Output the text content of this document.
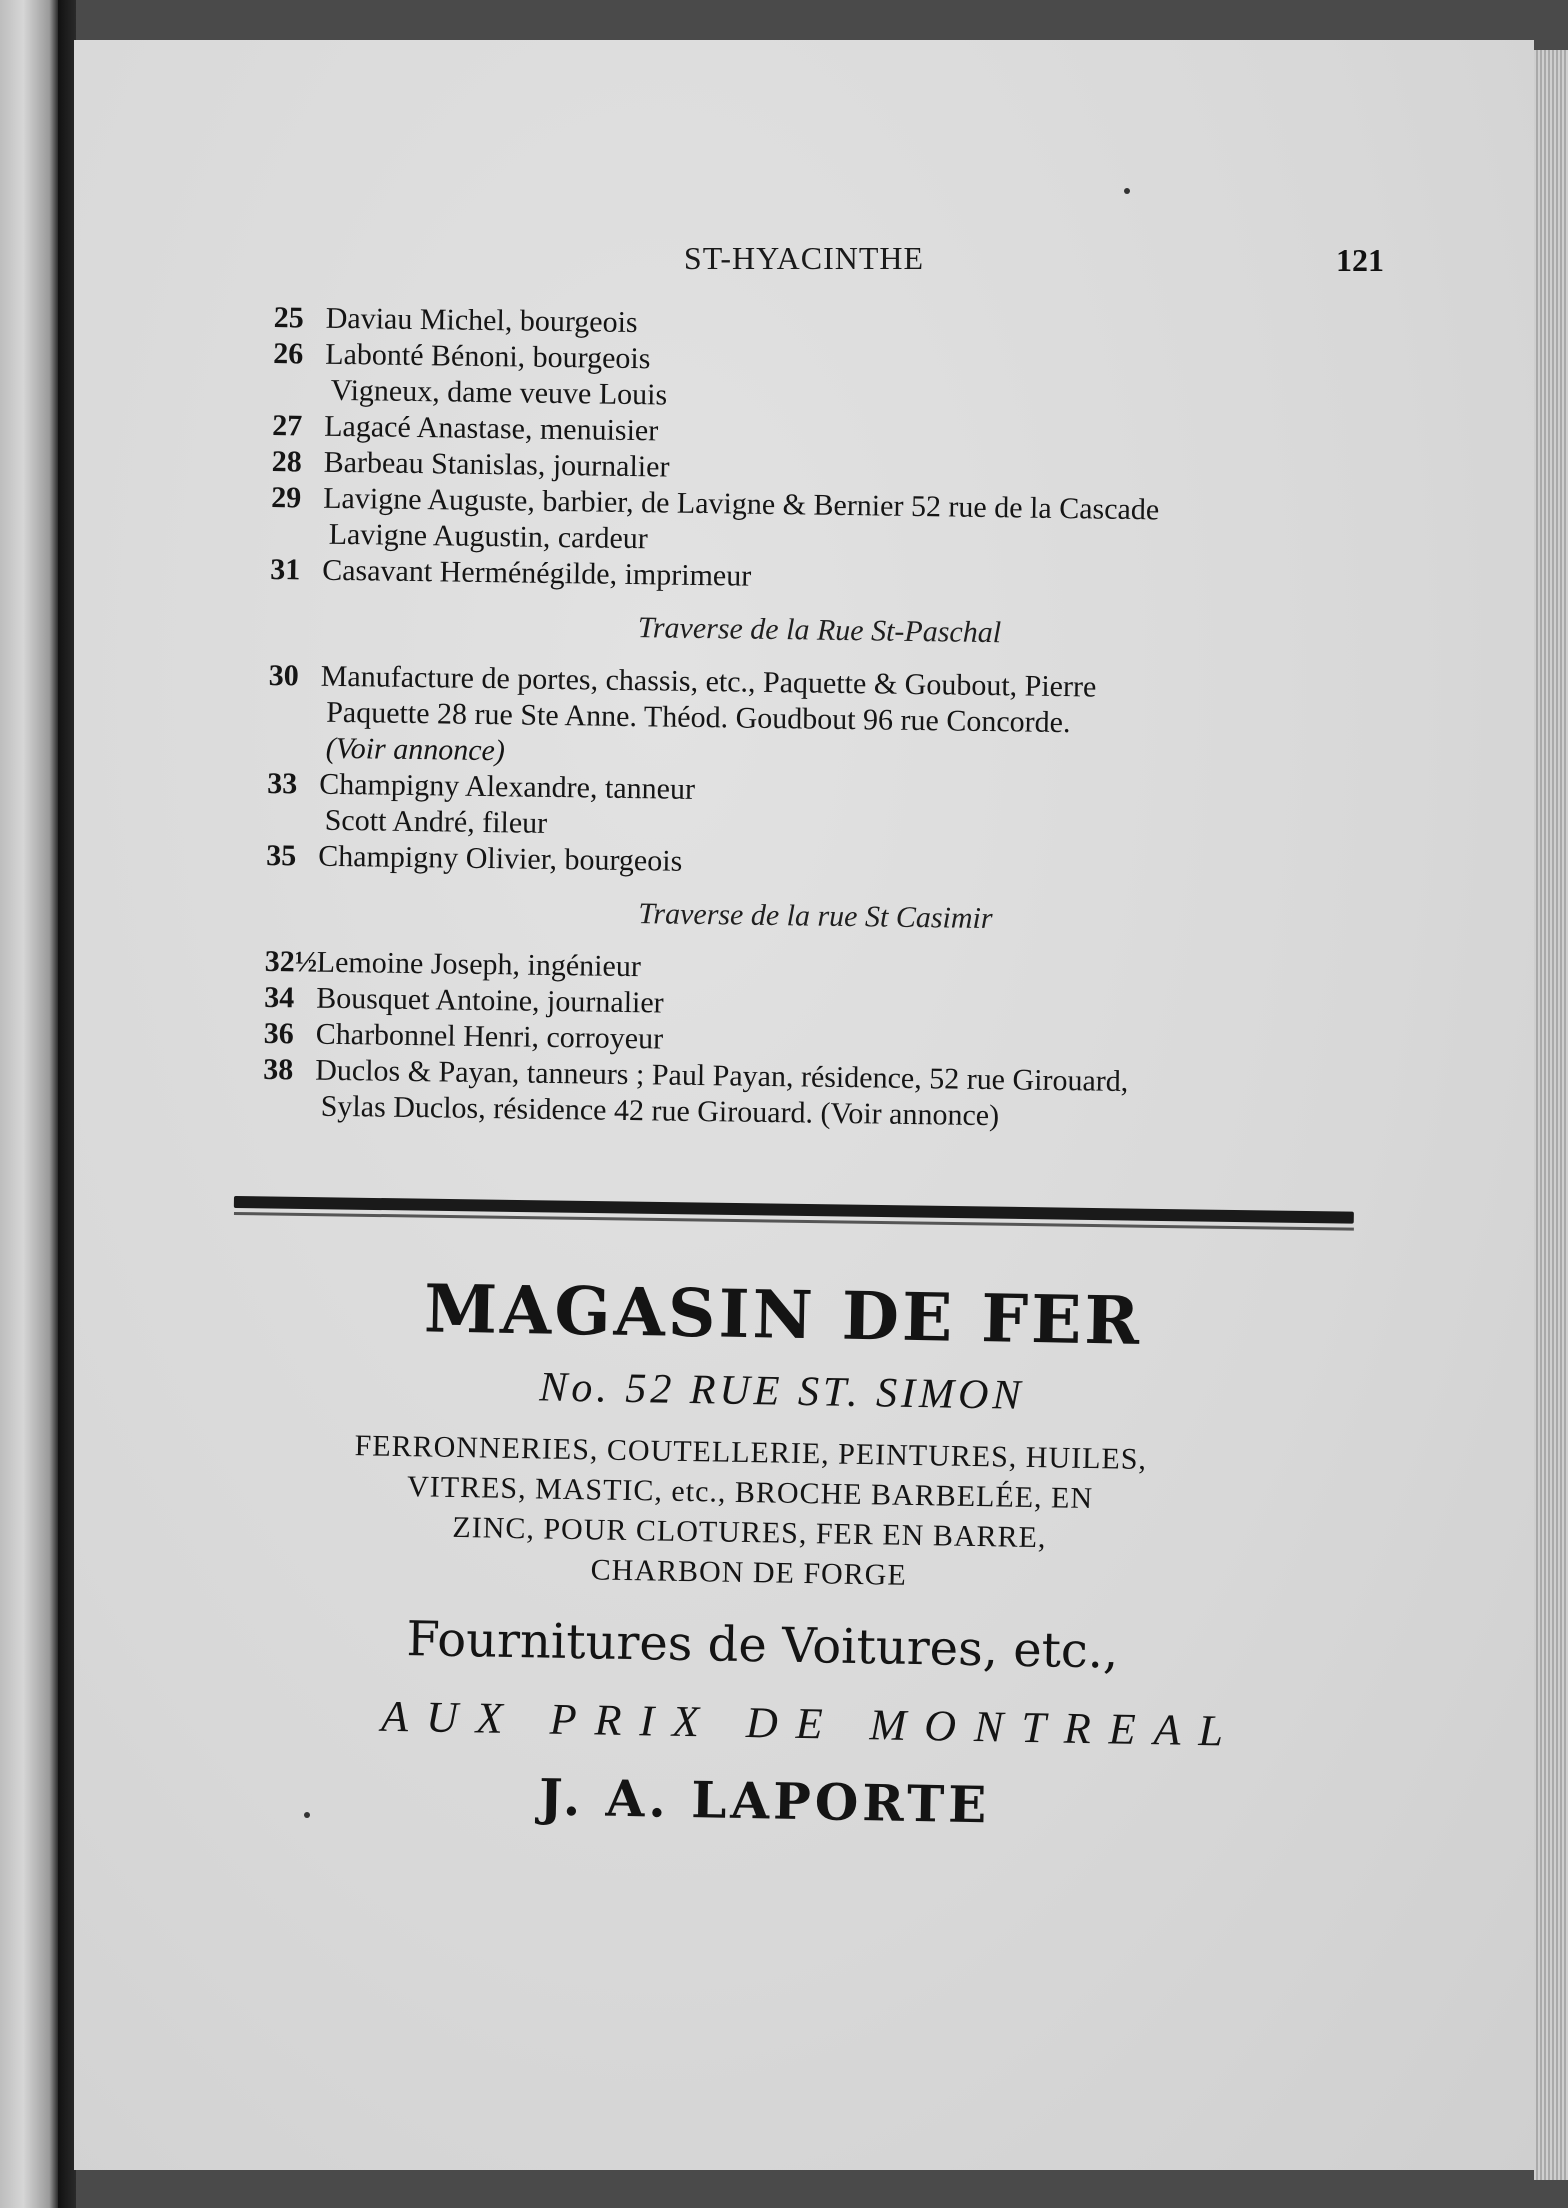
ST-HYACINTHE	121
25 Daviau Michel, bourgeois
26 Labonté Bénoni, bourgeois
Vigneux, dame veuve Louis
27 Lagacé Anastase, menuisier
28 Barbeau Stanislas, journalier
29 Lavigne Auguste, barbier, de Lavigne & Bernier 52 rue de la Cascade
Lavigne Augustin, cardeur
31 Casavant Herménégilde, imprimeur
Traverse de la Rue St-Paschal
30 Manufacture de portes, chassis, etc., Paquette & Goubout, Pierre
Paquette 28 rue Ste Anne. Théod. Goudbout 96 rue Concorde.
(Voir annonce)
33 Champigny Alexandre, tanneur
Scott André, fileur
35 Champigny Olivier, bourgeois
Traverse de la rue St Casimir
32½Lemoine Joseph, ingénieur
34 Bousquet Antoine, journalier
36 Charbonnel Henri, corroyeur
38 Duclos & Payan, tanneurs ; Paul Payan, résidence, 52 rue Girouard,
Sylas Duclos, résidence 42 rue Girouard. (Voir annonce)
MAGASIN DE FER
No. 52 RUE ST. SIMON
FERRONNERIES, COUTELLERIE, PEINTURES, HUILES,
VITRES, MASTIC, etc., BROCHE BARBELÉE, EN
ZINC, POUR CLOTURES, FER EN BARRE,
CHARBON DE FORGE
Fournitures de Voitures, etc.,
AUX PRIX DE MONTREAL
J. A. LAPORTE
